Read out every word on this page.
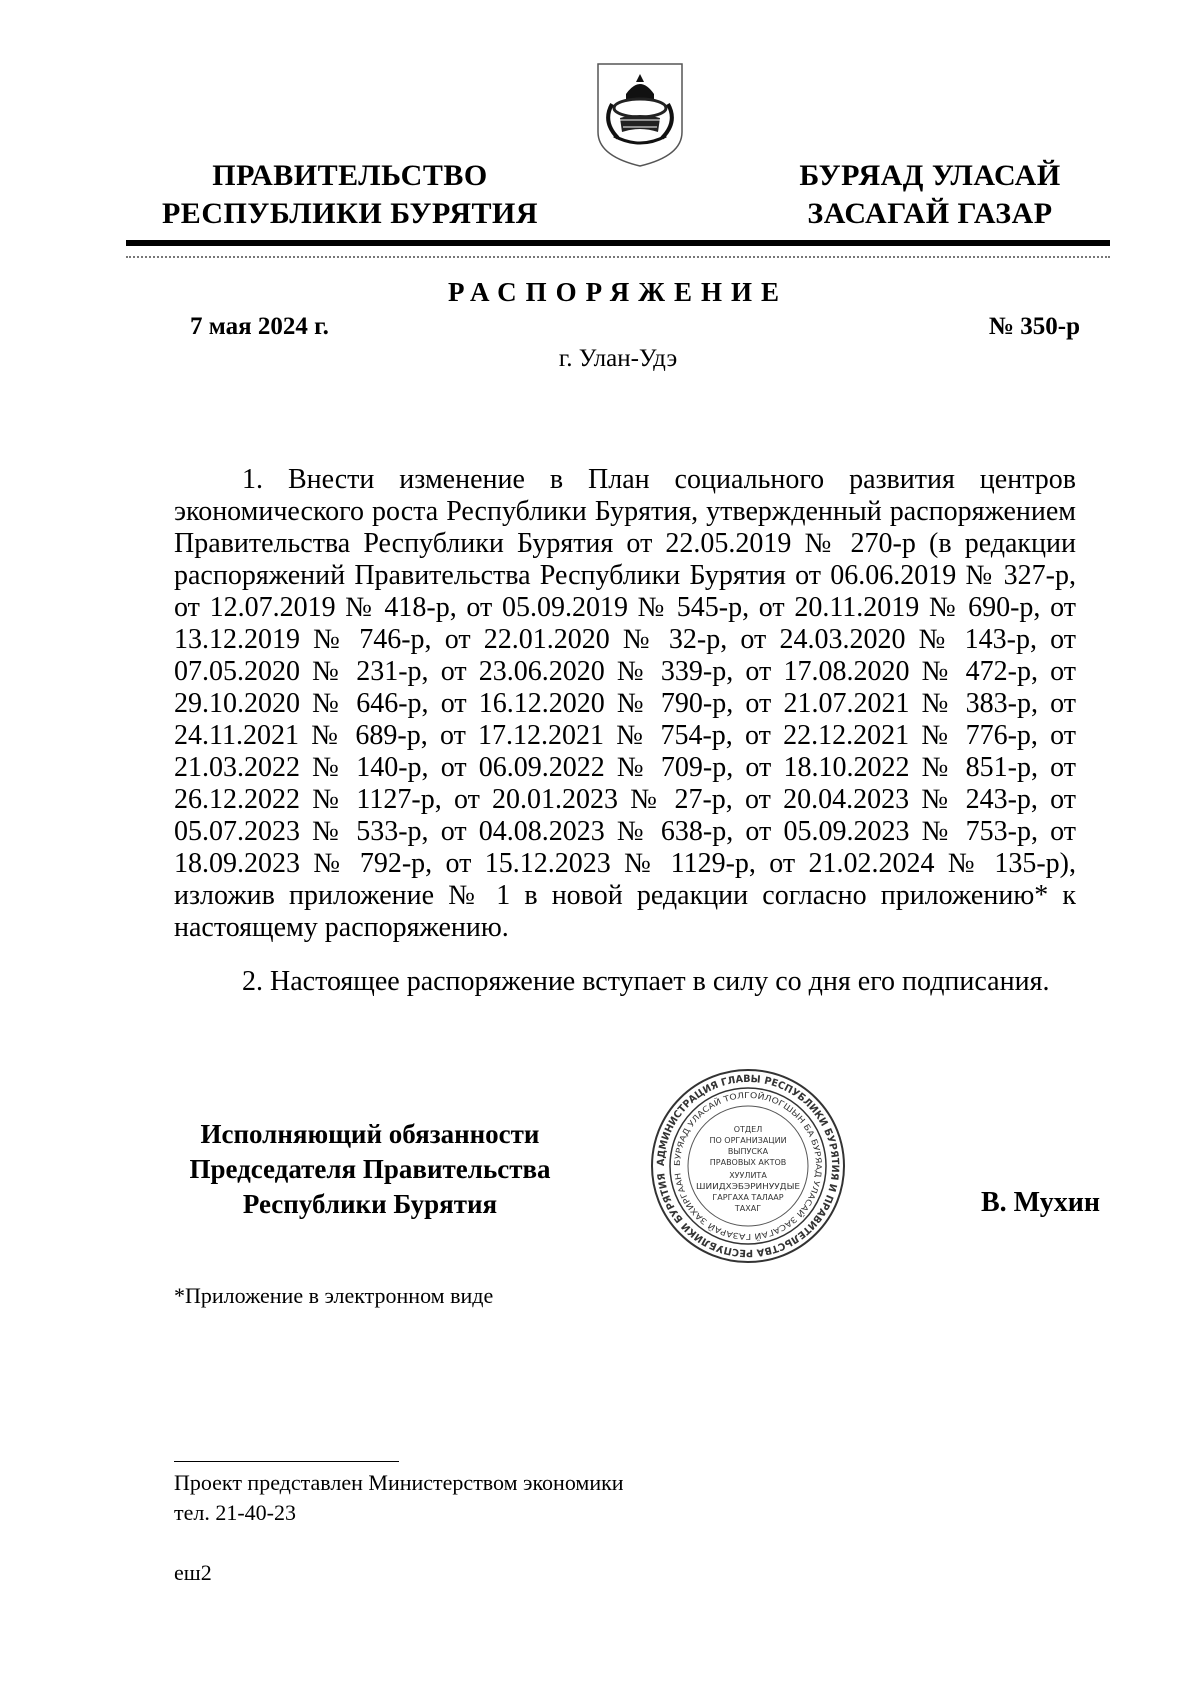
ПРАВИТЕЛЬСТВО
РЕСПУБЛИКИ БУРЯТИЯ
БУРЯАД УЛАСАЙ
ЗАСАГАЙ ГАЗАР
РАСПОРЯЖЕНИЕ
7 мая 2024 г.	№ 350-р
г. Улан-Удэ

1. Внести изменение в План социального развития центров экономического роста Республики Бурятия, утвержденный распоряжением Правительства Республики Бурятия от 22.05.2019 № 270-р (в редакции распоряжений Правительства Республики Бурятия от 06.06.2019 № 327-р, от 12.07.2019 № 418-р, от 05.09.2019 № 545-р, от 20.11.2019 № 690-р, от 13.12.2019 № 746-р, от 22.01.2020 № 32-р, от 24.03.2020 № 143-р, от 07.05.2020 № 231-р, от 23.06.2020 № 339-р, от 17.08.2020 № 472-р, от 29.10.2020 № 646-р, от 16.12.2020 № 790-р, от 21.07.2021 № 383-р, от 24.11.2021 № 689-р, от 17.12.2021 № 754-р, от 22.12.2021 № 776-р, от 21.03.2022 № 140-р, от 06.09.2022 № 709-р, от 18.10.2022 № 851-р, от 26.12.2022 № 1127-р, от 20.01.2023 № 27-р, от 20.04.2023 № 243-р, от 05.07.2023 № 533-р, от 04.08.2023 № 638-р, от 05.09.2023 № 753-р, от 18.09.2023 № 792-р, от 15.12.2023 № 1129-р, от 21.02.2024 № 135-р), изложив приложение № 1 в новой редакции согласно приложению* к настоящему распоряжению.

2. Настоящее распоряжение вступает в силу со дня его подписания.

Исполняющий обязанности
Председателя Правительства
Республики Бурятия	В. Мухин
АДМИНИСТРАЦИЯ ГЛАВЫ РЕСПУБЛИКИ БУРЯТИЯ И ПРАВИТЕЛЬСТВА РЕСПУБЛИКИ БУРЯТИЯ
БУРЯАД УЛАСАЙ ТОЛГОЙЛОГШЫН БА БУРЯАД УЛАСАЙ ЗАСАГАЙ ГАЗАРАЙ ЗАХИРГААН
ОТДЕЛ
ПО ОРГАНИЗАЦИИ
ВЫПУСКА
ПРАВОВЫХ АКТОВ
ХУУЛИТА
ШИИДХЭБЭРИНУУДЫЕ
ГАРГАХА ТАЛААР
ТАХАГ
*Приложение в электронном виде
Проект представлен Министерством экономики
тел. 21-40-23
еш2
